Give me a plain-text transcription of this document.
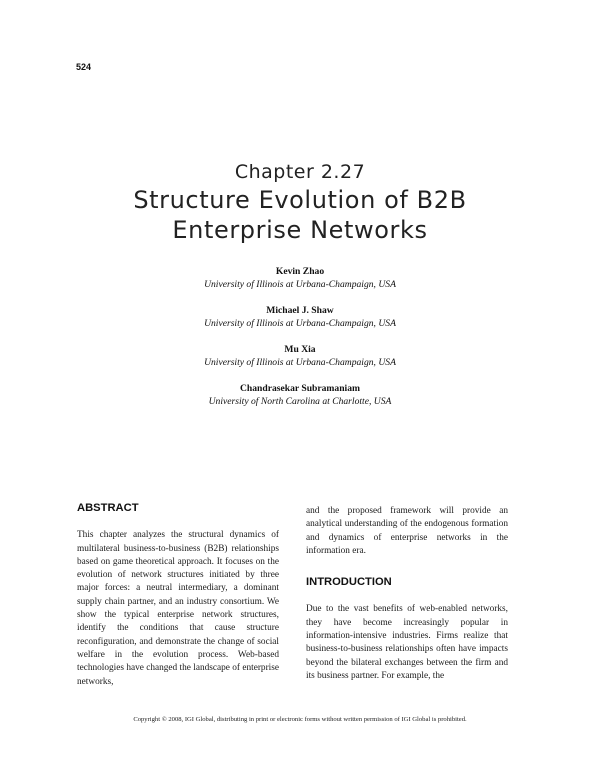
524
Chapter 2.27
Structure Evolution of B2B
Enterprise Networks
Kevin Zhao
University of Illinois at Urbana-Champaign, USA
Michael J. Shaw
University of Illinois at Urbana-Champaign, USA
Mu Xia
University of Illinois at Urbana-Champaign, USA
Chandrasekar Subramaniam
University of North Carolina at Charlotte, USA
ABSTRACT

This chapter analyzes the structural dynamics of multilateral business-to-business (B2B) relationships based on game theoretical approach. It focuses on the evolution of network structures initiated by three major forces: a neutral intermediary, a dominant supply chain partner, and an industry consortium. We show the typical enterprise network structures, identify the conditions that cause structure reconfiguration, and demonstrate the change of social welfare in the evolution process. Web-based technologies have changed the landscape of enterprise networks,

and the proposed framework will provide an analytical understanding of the endogenous formation and dynamics of enterprise networks in the information era.

INTRODUCTION

Due to the vast benefits of web-enabled networks, they have become increasingly popular in information-intensive industries. Firms realize that business-to-business relationships often have impacts beyond the bilateral exchanges between the firm and its business partner. For example, the

Copyright © 2008, IGI Global, distributing in print or electronic forms without written permission of IGI Global is prohibited.
